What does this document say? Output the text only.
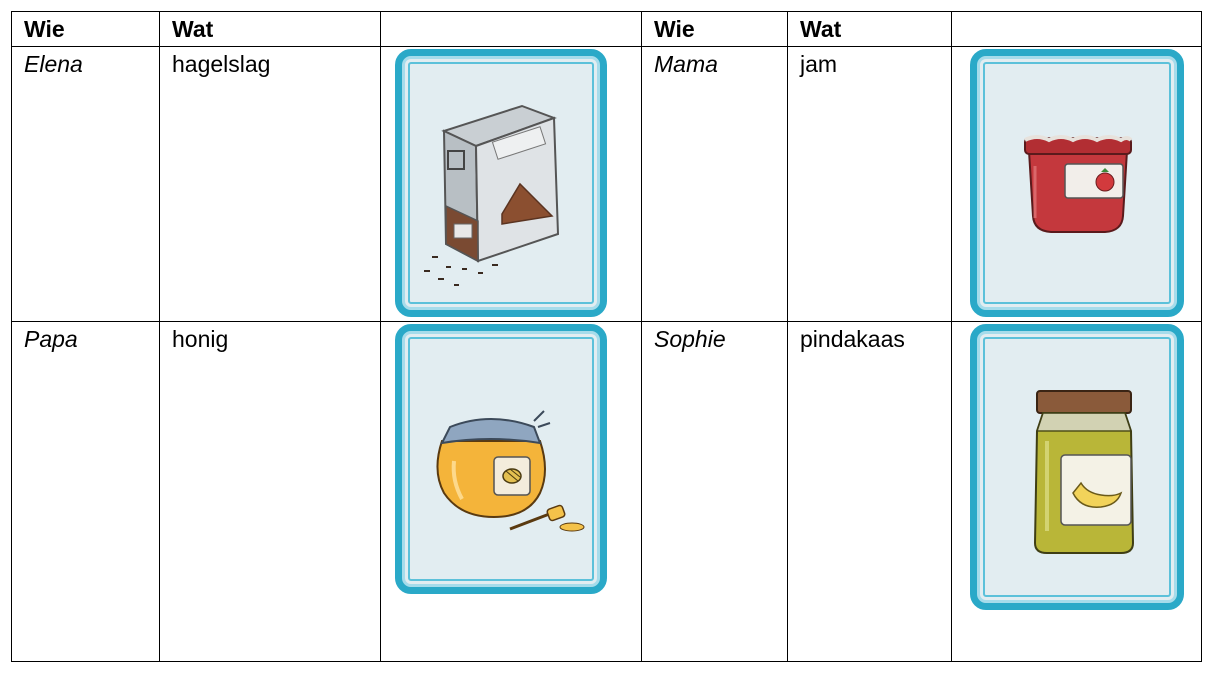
Wie	Wat		Wie	Wat	
Elena	hagelslag		Mama	jam	

Papa	honig		Sophie	pindakaas	
